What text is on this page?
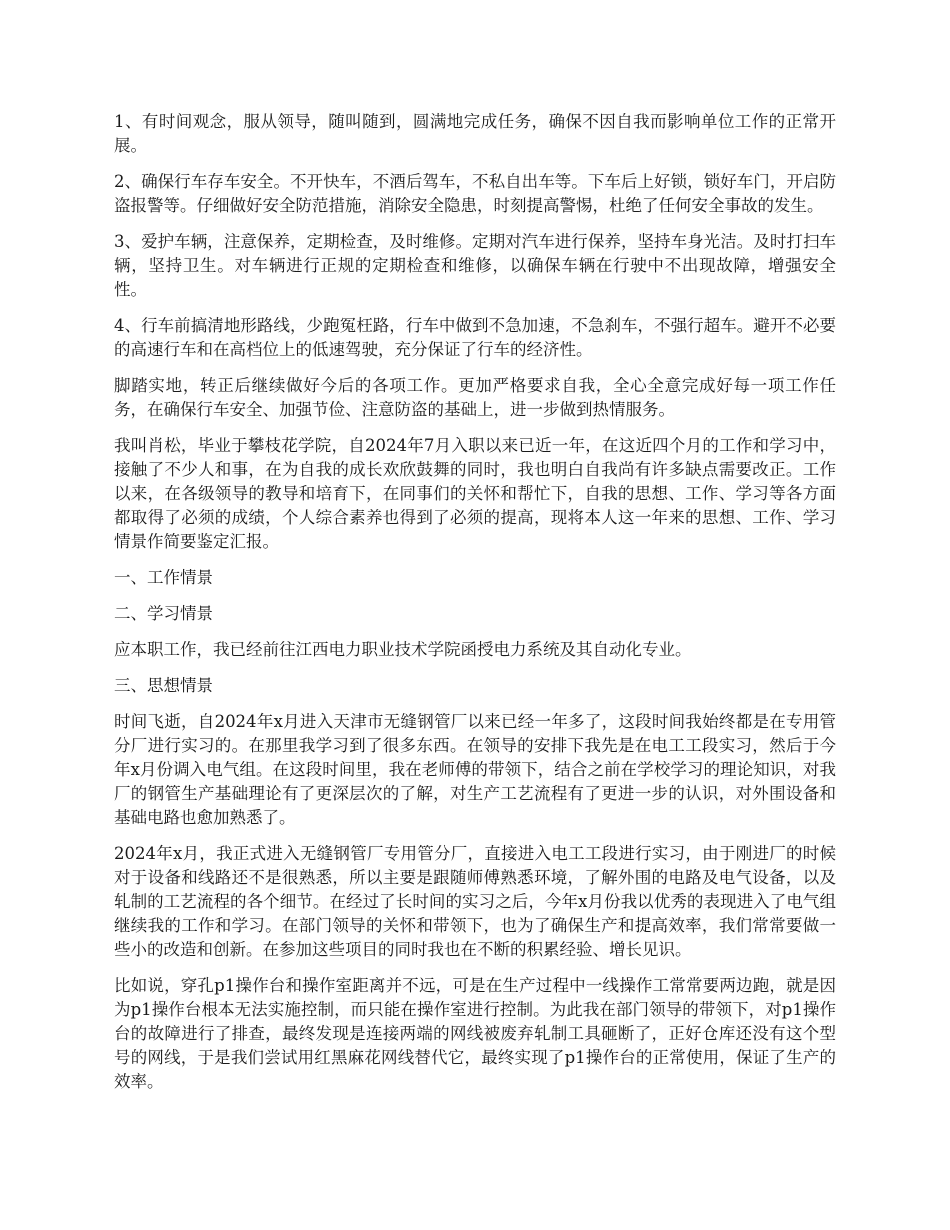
1、有时间观念，服从领导，随叫随到，圆满地完成任务，确保不因自我而影响单位工作的正常开展。

2、确保行车存车安全。不开快车，不酒后驾车，不私自出车等。下车后上好锁，锁好车门，开启防盗报警等。仔细做好安全防范措施，消除安全隐患，时刻提高警惕，杜绝了任何安全事故的发生。

3、爱护车辆，注意保养，定期检查，及时维修。定期对汽车进行保养，坚持车身光洁。及时打扫车辆，坚持卫生。对车辆进行正规的定期检查和维修，以确保车辆在行驶中不出现故障，增强安全性。

4、行车前搞清地形路线，少跑冤枉路，行车中做到不急加速，不急刹车，不强行超车。避开不必要的高速行车和在高档位上的低速驾驶，充分保证了行车的经济性。

脚踏实地，转正后继续做好今后的各项工作。更加严格要求自我，全心全意完成好每一项工作任务，在确保行车安全、加强节俭、注意防盗的基础上，进一步做到热情服务。

我叫肖松，毕业于攀枝花学院，自2024年7月入职以来已近一年，在这近四个月的工作和学习中，接触了不少人和事，在为自我的成长欢欣鼓舞的同时，我也明白自我尚有许多缺点需要改正。工作以来，在各级领导的教导和培育下，在同事们的关怀和帮忙下，自我的思想、工作、学习等各方面都取得了必须的成绩，个人综合素养也得到了必须的提高，现将本人这一年来的思想、工作、学习情景作简要鉴定汇报。

一、工作情景

二、学习情景

应本职工作，我已经前往江西电力职业技术学院函授电力系统及其自动化专业。

三、思想情景

时间飞逝，自2024年x月进入天津市无缝钢管厂以来已经一年多了，这段时间我始终都是在专用管分厂进行实习的。在那里我学习到了很多东西。在领导的安排下我先是在电工工段实习，然后于今年x月份调入电气组。在这段时间里，我在老师傅的带领下，结合之前在学校学习的理论知识，对我厂的钢管生产基础理论有了更深层次的了解，对生产工艺流程有了更进一步的认识，对外围设备和基础电路也愈加熟悉了。

2024年x月，我正式进入无缝钢管厂专用管分厂，直接进入电工工段进行实习，由于刚进厂的时候对于设备和线路还不是很熟悉，所以主要是跟随师傅熟悉环境，了解外围的电路及电气设备，以及轧制的工艺流程的各个细节。在经过了长时间的实习之后，今年x月份我以优秀的表现进入了电气组继续我的工作和学习。在部门领导的关怀和带领下，也为了确保生产和提高效率，我们常常要做一些小的改造和创新。在参加这些项目的同时我也在不断的积累经验、增长见识。

比如说，穿孔p1操作台和操作室距离并不远，可是在生产过程中一线操作工常常要两边跑，就是因为p1操作台根本无法实施控制，而只能在操作室进行控制。为此我在部门领导的带领下，对p1操作台的故障进行了排查，最终发现是连接两端的网线被废弃轧制工具砸断了，正好仓库还没有这个型号的网线，于是我们尝试用红黑麻花网线替代它，最终实现了p1操作台的正常使用，保证了生产的效率。
